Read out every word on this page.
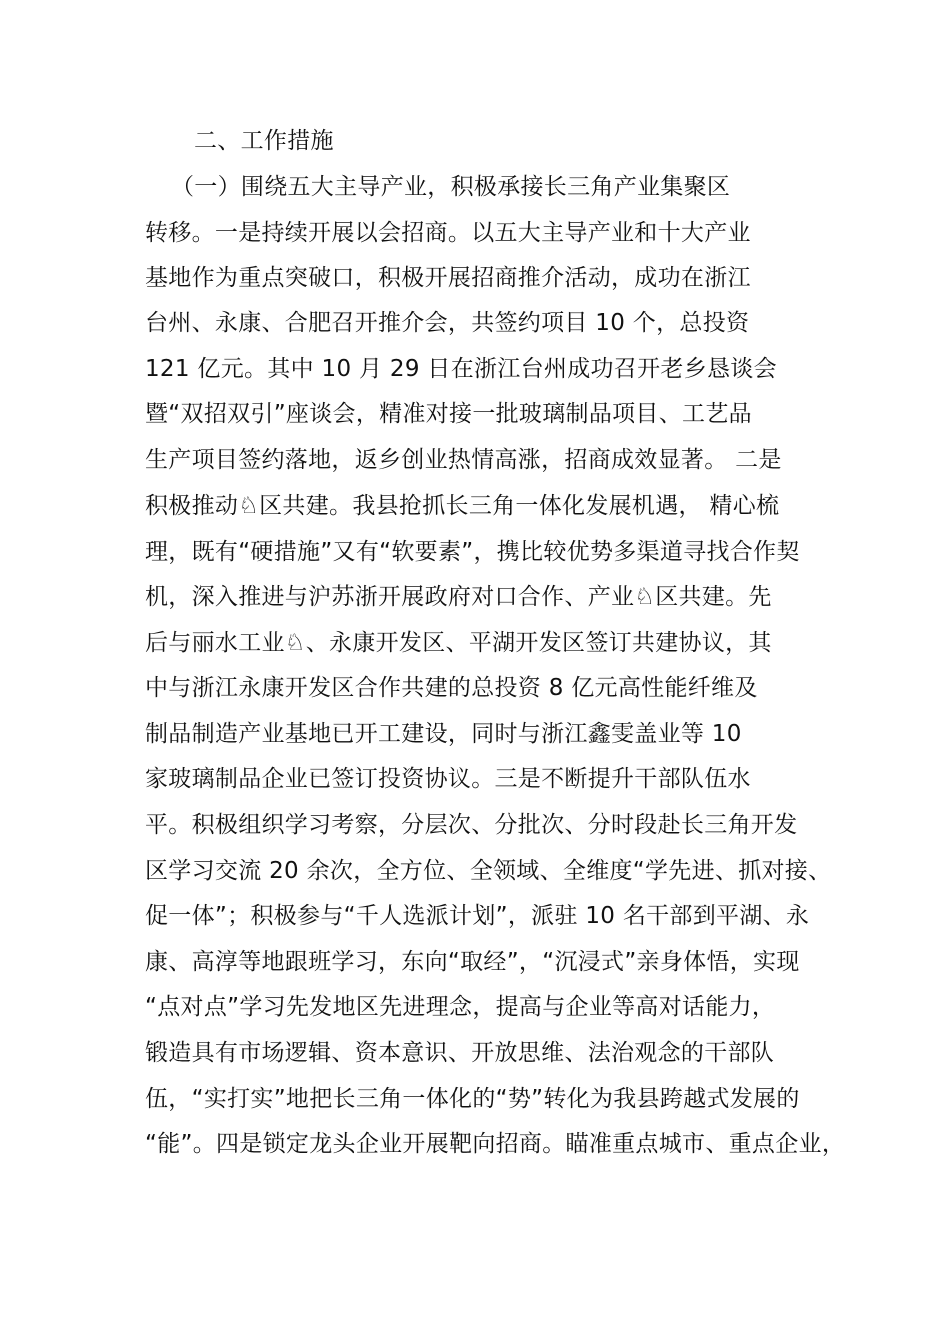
二、工作措施

（一）围绕五大主导产业，积极承接长三角产业集聚区

转移。一是持续开展以会招商。以五大主导产业和十大产业

基地作为重点突破口，积极开展招商推介活动，成功在浙江

台州、永康、合肥召开推介会，共签约项目 10 个，总投资

121 亿元。其中 10 月 29 日在浙江台州成功召开老乡恳谈会

暨“双招双引”座谈会，精准对接一批玻璃制品项目、工艺品

生产项目签约落地，返乡创业热情高涨，招商成效显著。 二是

积极推动♘区共建。我县抢抓长三角一体化发展机遇， 精心梳

理，既有“硬措施”又有“软要素”，携比较优势多渠道寻找合作契

机，深入推进与沪苏浙开展政府对口合作、产业♘区共建。先

后与丽水工业♘、永康开发区、平湖开发区签订共建协议，其

中与浙江永康开发区合作共建的总投资 8 亿元高性能纤维及

制品制造产业基地已开工建设，同时与浙江鑫雯盖业等 10

家玻璃制品企业已签订投资协议。三是不断提升干部队伍水

平。积极组织学习考察，分层次、分批次、分时段赴长三角开发

区学习交流 20 余次，全方位、全领域、全维度“学先进、抓对接、

促一体”；积极参与“千人选派计划”，派驻 10 名干部到平湖、永

康、高淳等地跟班学习，东向“取经”，“沉浸式”亲身体悟，实现

“点对点”学习先发地区先进理念，提高与企业等高对话能力，

锻造具有市场逻辑、资本意识、开放思维、法治观念的干部队

伍，“实打实”地把长三角一体化的“势”转化为我县跨越式发展的

“能”。四是锁定龙头企业开展靶向招商。瞄准重点城市、重点企业，
